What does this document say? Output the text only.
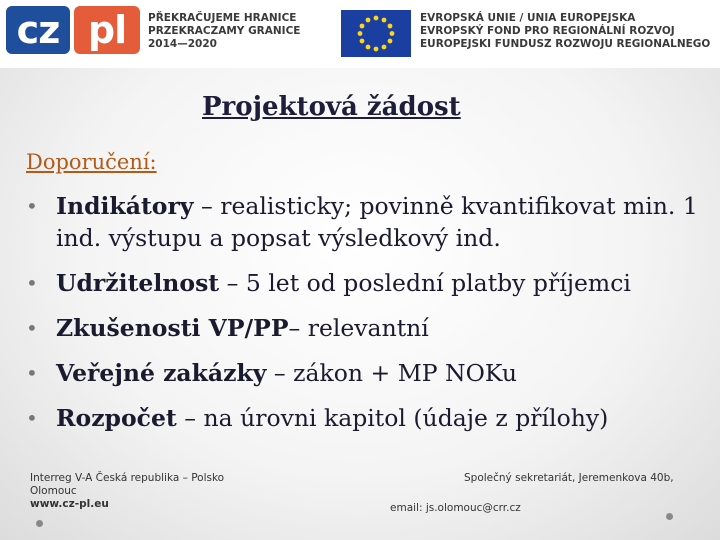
cz pl	PŘEKRAČUJEME HRANICE
PRZEKRACZAMY GRANICE
2014—2020
EVROPSKÁ UNIE / UNIA EUROPEJSKA
EVROPSKÝ FOND PRO REGIONÁLNÍ ROZVOJ
EUROPEJSKI FUNDUSZ ROZWOJU REGIONALNEGO
Projektová žádost
Doporučení:
• Indikátory – realisticky; povinně kvantifikovat min. 1 ind. výstupu a popsat výsledkový ind.
• Udržitelnost – 5 let od poslední platby příjemci
• Zkušenosti VP/PP– relevantní
• Veřejné zakázky – zákon + MP NOKu
• Rozpočet – na úrovni kapitol (údaje z přílohy)
Interreg V-A Česká republika – Polsko
Olomouc
www.cz-pl.eu
Společný sekretariát, Jeremenkova 40b,
email: js.olomouc@crr.cz
